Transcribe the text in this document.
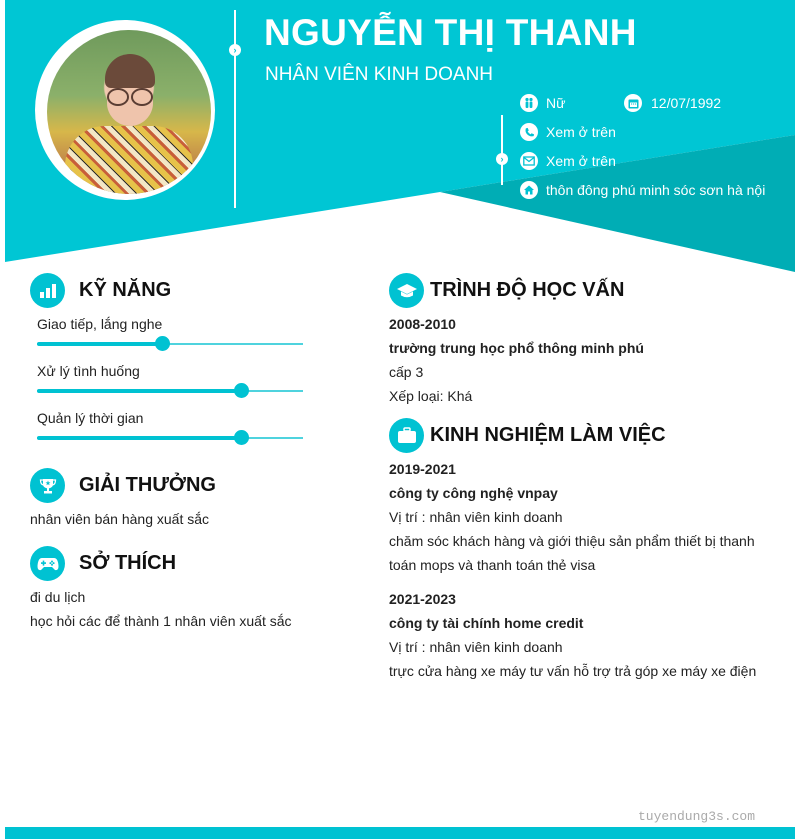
›
›
NGUYỄN THỊ THANH
NHÂN VIÊN KINH DOANH
Nữ	12/07/1992
Xem ở trên
Xem ở trên
thôn đông phú minh sóc sơn hà nội
KỸ NĂNG
Giao tiếp, lắng nghe
Xử lý tình huống
Quản lý thời gian
GIẢI THƯỞNG
nhân viên bán hàng xuất sắc
SỞ THÍCH
đi du lịch
học hỏi các để thành 1 nhân viên xuất sắc
TRÌNH ĐỘ HỌC VẤN
2008-2010
trường trung học phổ thông minh phú
cấp 3
Xếp loại: Khá
KINH NGHIỆM LÀM VIỆC
2019-2021
công ty công nghệ vnpay
Vị trí : nhân viên kinh doanh
chăm sóc khách hàng và giới thiệu sản phẩm thiết bị thanh
toán mops và thanh toán thẻ visa
2021-2023
công ty tài chính home credit
Vị trí : nhân viên kinh doanh
trực cửa hàng xe máy tư vấn hỗ trợ trả góp xe máy xe điện
tuyendung3s.com
